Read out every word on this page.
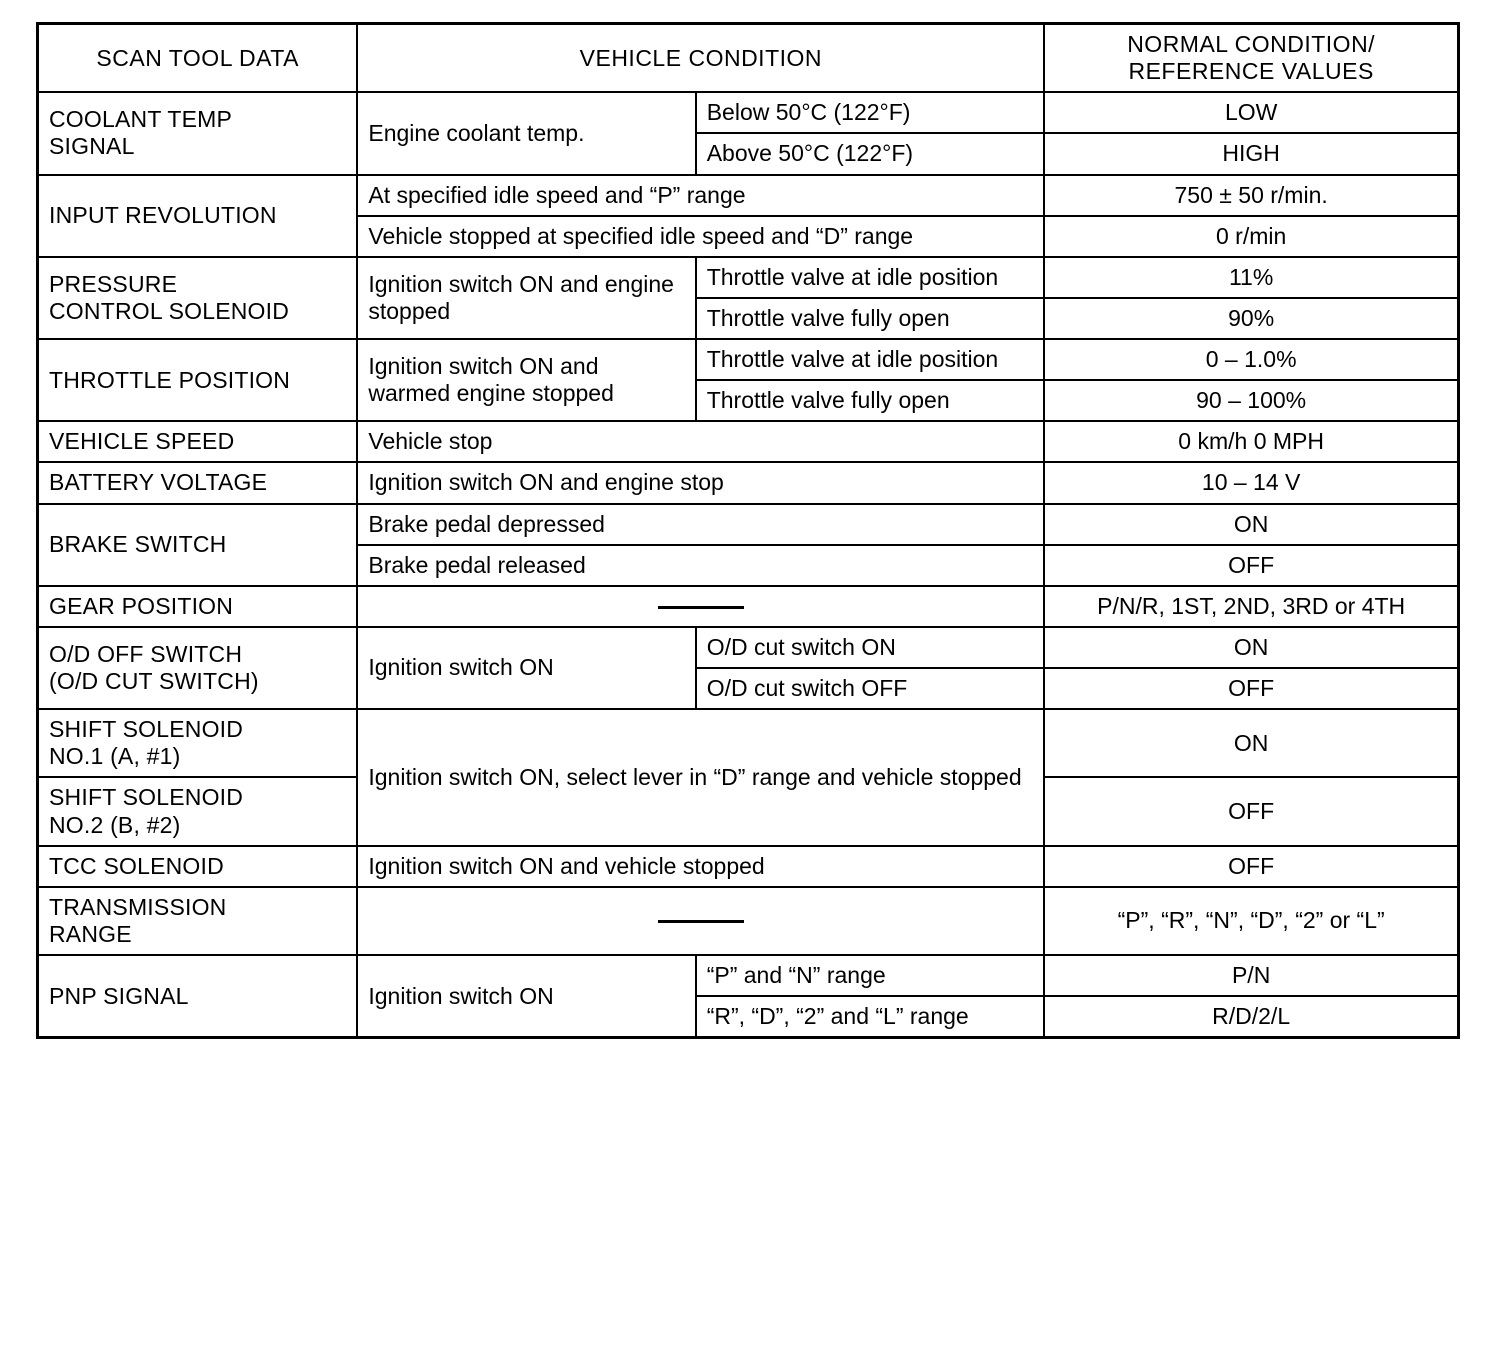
SCAN TOOL DATA	VEHICLE CONDITION		NORMAL CONDITION/
REFERENCE VALUES

COOLANT TEMP
SIGNAL	Engine coolant temp.	Below 50°C (122°F)	LOW
		Above 50°C (122°F)	HIGH
INPUT REVOLUTION	At specified idle speed and “P” range		750 ± 50 r/min.
	Vehicle stopped at specified idle speed and “D” range		0 r/min

PRESSURE
CONTROL SOLENOID	Ignition switch ON and engine stopped	Throttle valve at idle position	11%
		Throttle valve fully open	90%
THROTTLE POSITION	Ignition switch ON and warmed engine stopped	Throttle valve at idle position	0 – 1.0%
		Throttle valve fully open	90 – 100%
VEHICLE SPEED	Vehicle stop		0 km/h 0 MPH
BATTERY VOLTAGE	Ignition switch ON and engine stop		10 – 14 V
BRAKE SWITCH	Brake pedal depressed		ON
	Brake pedal released		OFF
GEAR POSITION			P/N/R, 1ST, 2ND, 3RD or 4TH

O/D OFF SWITCH
(O/D CUT SWITCH)	Ignition switch ON	O/D cut switch ON	ON
		O/D cut switch OFF	OFF

SHIFT SOLENOID
NO.1 (A, #1)	Ignition switch ON, select lever in “D” range and vehicle stopped		ON

SHIFT SOLENOID
NO.2 (B, #2)			OFF
TCC SOLENOID	Ignition switch ON and vehicle stopped		OFF

TRANSMISSION
RANGE			“P”, “R”, “N”, “D”, “2” or “L”
PNP SIGNAL	Ignition switch ON	“P” and “N” range	P/N
		“R”, “D”, “2” and “L” range	R/D/2/L
